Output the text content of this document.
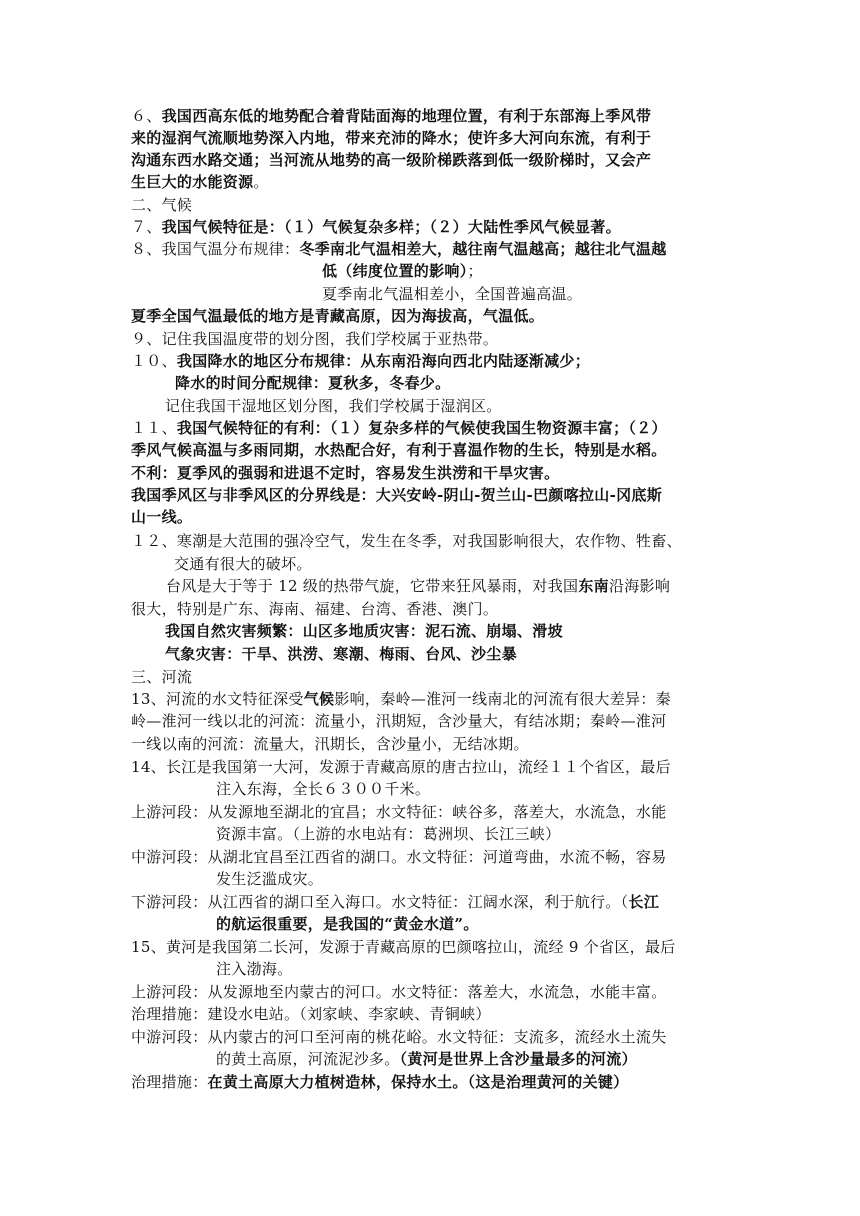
６、我国西高东低的地势配合着背陆面海的地理位置，有利于东部海上季风带
来的湿润气流顺地势深入内地，带来充沛的降水；使许多大河向东流，有利于
沟通东西水路交通；当河流从地势的高一级阶梯跌落到低一级阶梯时，又会产
生巨大的水能资源。
二、气候
７、我国气候特征是：（１）气候复杂多样；（２）大陆性季风气候显著。
８、我国气温分布规律：冬季南北气温相差大，越往南气温越高；越往北气温越
低（纬度位置的影响）；
夏季南北气温相差小，全国普遍高温。
夏季全国气温最低的地方是青藏高原，因为海拔高，气温低。
９、记住我国温度带的划分图，我们学校属于亚热带。
１０、我国降水的地区分布规律：从东南沿海向西北内陆逐渐减少；
降水的时间分配规律：夏秋多，冬春少。
记住我国干湿地区划分图，我们学校属于湿润区。
１１、我国气候特征的有利：（１）复杂多样的气候使我国生物资源丰富；（２）
季风气候高温与多雨同期，水热配合好，有利于喜温作物的生长，特别是水稻。
不利：夏季风的强弱和进退不定时，容易发生洪涝和干旱灾害。
我国季风区与非季风区的分界线是：大兴安岭-阴山-贺兰山-巴颜喀拉山-冈底斯
山一线。
１２、寒潮是大范围的强冷空气，发生在冬季，对我国影响很大，农作物、牲畜、
交通有很大的破坏。
台风是大于等于 12 级的热带气旋，它带来狂风暴雨，对我国东南沿海影响
很大，特别是广东、海南、福建、台湾、香港、澳门。
我国自然灾害频繁：山区多地质灾害：泥石流、崩塌、滑坡
气象灾害：干旱、洪涝、寒潮、梅雨、台风、沙尘暴
三、河流
13、河流的水文特征深受气候影响，秦岭—淮河一线南北的河流有很大差异：秦
岭—淮河一线以北的河流：流量小，汛期短，含沙量大，有结冰期；秦岭—淮河
一线以南的河流：流量大，汛期长，含沙量小，无结冰期。
14、长江是我国第一大河，发源于青藏高原的唐古拉山，流经１１个省区，最后
注入东海，全长６３００千米。
上游河段：从发源地至湖北的宜昌；水文特征：峡谷多，落差大，水流急，水能
资源丰富。（上游的水电站有：葛洲坝、长江三峡）
中游河段：从湖北宜昌至江西省的湖口。水文特征：河道弯曲，水流不畅，容易
发生泛滥成灾。
下游河段：从江西省的湖口至入海口。水文特征：江阔水深，利于航行。（长江
的航运很重要，是我国的“黄金水道”。
15、黄河是我国第二长河，发源于青藏高原的巴颜喀拉山，流经 9 个省区，最后
注入渤海。
上游河段：从发源地至内蒙古的河口。水文特征：落差大，水流急，水能丰富。
治理措施：建设水电站。（刘家峡、李家峡、青铜峡）
中游河段：从内蒙古的河口至河南的桃花峪。水文特征：支流多，流经水土流失
的黄土高原，河流泥沙多。（黄河是世界上含沙量最多的河流）
治理措施：在黄土高原大力植树造林，保持水土。（这是治理黄河的关键）
